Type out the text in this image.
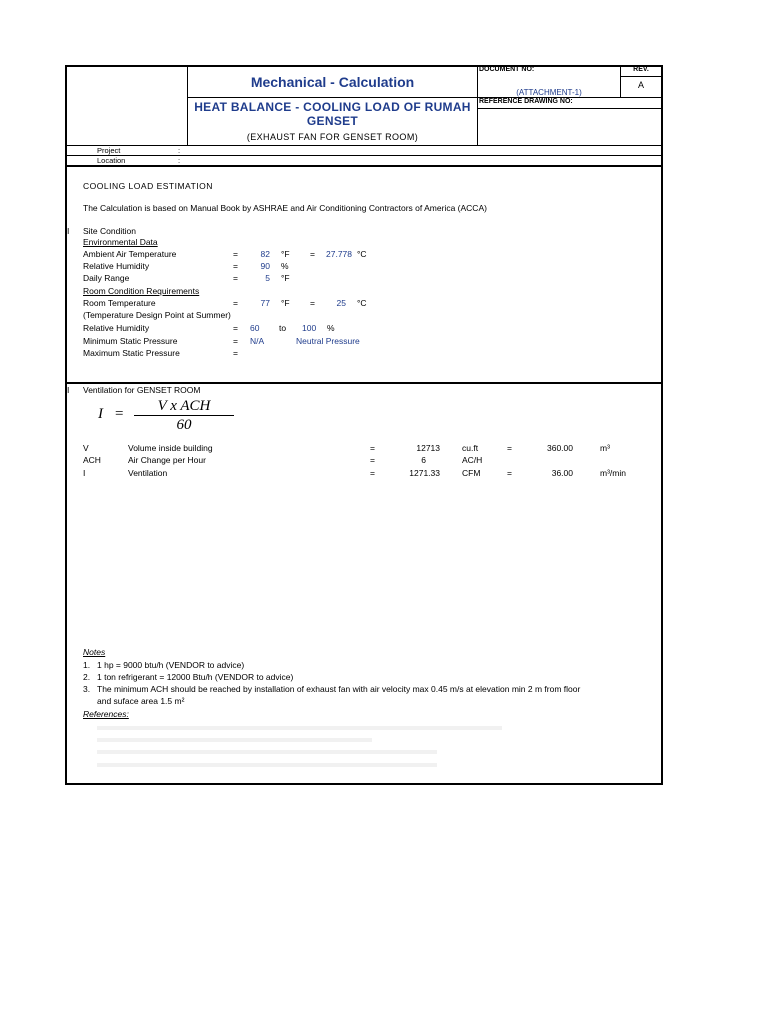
Mechanical - Calculation
HEAT BALANCE - COOLING LOAD OF RUMAH
GENSET
(EXHAUST FAN FOR GENSET ROOM)
DOCUMENT NO:	REV.
A
(ATTACHMENT-1)
REFERENCE DRAWING NO:
Project	:
Location	:
COOLING LOAD ESTIMATION
The Calculation is based on Manual Book by ASHRAE and Air Conditioning Contractors of America (ACCA)
I Site Condition
Environmental Data
Ambient Air Temperature	=	82 °F = 27.778 °C
Relative Humidity	=	90 %
Daily Range	=	5 °F
Room Condition Requirements
Room Temperature	=	77 °F =	25 °C
(Temperature Design Point at Summer)
Relative Humidity	= 60 to 100 %
Minimum Static Pressure	= N/A	Neutral Pressure
Maximum Static Pressure	=
I Ventilation for GENSET ROOM
I =	V x ACH
60
V	Volume inside building	=	12713	cu.ft	=	360.00	m³
ACH	Air Change per Hour	=	6	AC/H
I	Ventilation	=	1271.33	CFM	=	36.00	m³/min
Notes
1. 1 hp = 9000 btu/h (VENDOR to advice)
2. 1 ton refrigerant = 12000 Btu/h (VENDOR to advice)
3. The minimum ACH should be reached by installation of exhaust fan with air velocity max 0.45 m/s at elevation min 2 m from floor
and suface area 1.5 m²
References:
